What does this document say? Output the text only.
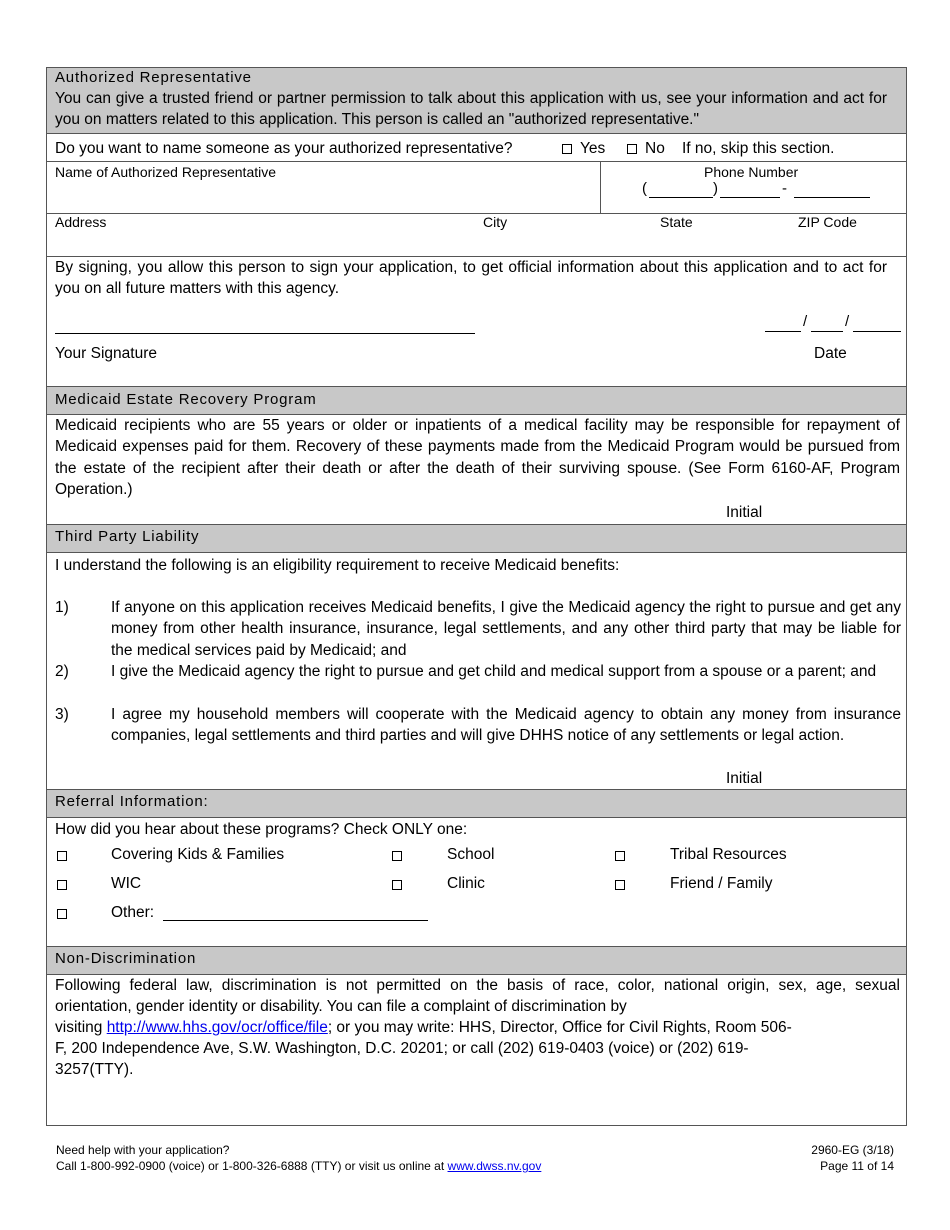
Authorized Representative
You can give a trusted friend or partner permission to talk about this application with us, see your information and act for you on matters related to this application. This person is called an "authorized representative."
Do you want to name someone as your authorized representative?	Yes	No If no, skip this section.
Name of Authorized Representative	Phone Number
(	)	-
Address	City	State	ZIP Code
By signing, you allow this person to sign your application, to get official information about this application and to act for you on all future matters with this agency.
Your Signature
/	/
Date
Medicaid Estate Recovery Program
Medicaid recipients who are 55 years or older or inpatients of a medical facility may be responsible for repayment of Medicaid expenses paid for them. Recovery of these payments made from the Medicaid Program would be pursued from the estate of the recipient after their death or after the death of their surviving spouse. (See Form 6160-AF, Program Operation.)
Initial
Third Party Liability
I understand the following is an eligibility requirement to receive Medicaid benefits:
1)	If anyone on this application receives Medicaid benefits, I give the Medicaid agency the right to pursue and get any money from other health insurance, insurance, legal settlements, and any other third party that may be liable for the medical services paid by Medicaid; and
2)	I give the Medicaid agency the right to pursue and get child and medical support from a spouse or a parent; and
3)	I agree my household members will cooperate with the Medicaid agency to obtain any money from insurance companies, legal settlements and third parties and will give DHHS notice of any settlements or legal action.
Initial
Referral Information:
How did you hear about these programs? Check ONLY one:
Covering Kids & Families	School	Tribal Resources
WIC	Clinic	Friend / Family
Other:
Non-Discrimination
Following federal law, discrimination is not permitted on the basis of race, color, national origin, sex, age, sexual orientation, gender identity or disability. You can file a complaint of discrimination by
visiting http://www.hhs.gov/ocr/office/file; or you may write: HHS, Director, Office for Civil Rights, Room 506-
F, 200 Independence Ave, S.W. Washington, D.C. 20201; or call (202) 619-0403 (voice) or (202) 619-
3257(TTY).
Need help with your application?
Call 1-800-992-0900 (voice) or 1-800-326-6888 (TTY) or visit us online at www.dwss.nv.gov
2960-EG (3/18)
Page 11 of 14
